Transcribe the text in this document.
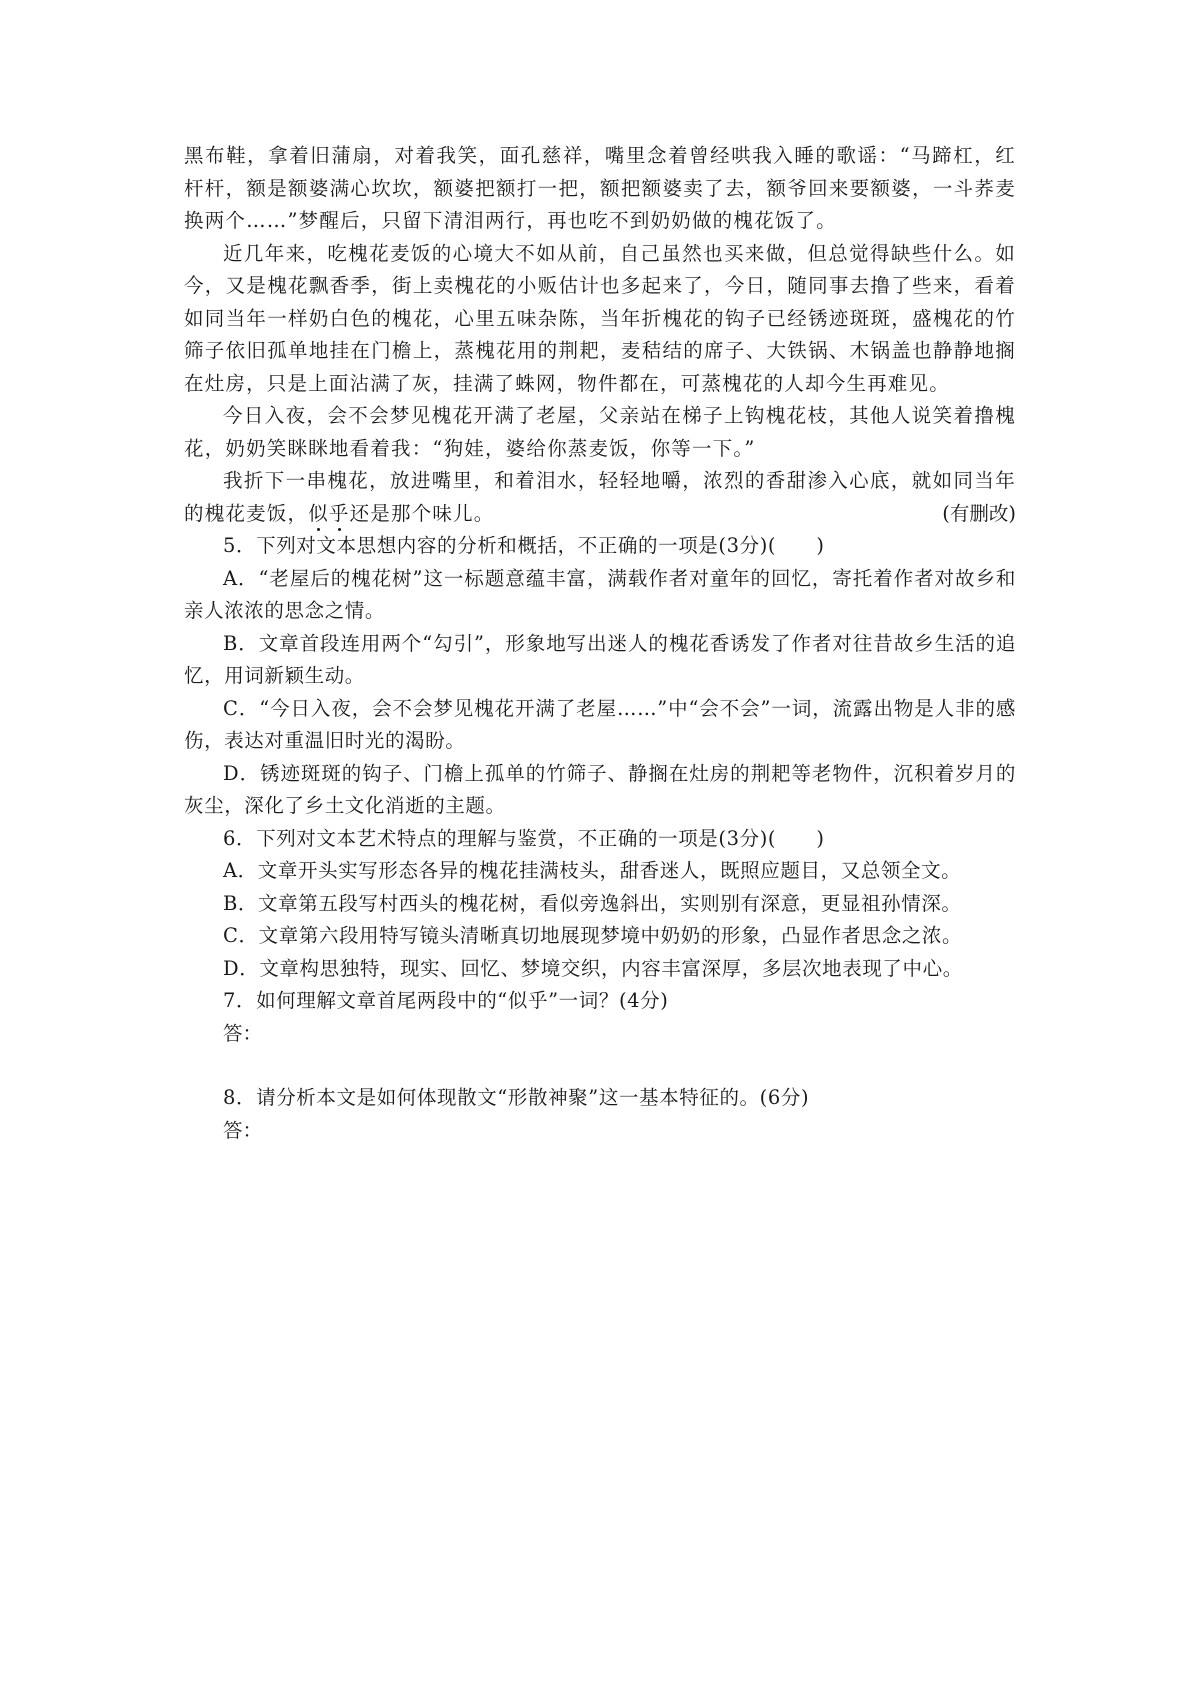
黑布鞋，拿着旧蒲扇，对着我笑，面孔慈祥，嘴里念着曾经哄我入睡的歌谣：“马蹄杠，红杆杆，额是额婆满心坎坎，额婆把额打一把，额把额婆卖了去，额爷回来要额婆，一斗荞麦换两个……”梦醒后，只留下清泪两行，再也吃不到奶奶做的槐花饭了。

近几年来，吃槐花麦饭的心境大不如从前，自己虽然也买来做，但总觉得缺些什么。如今，又是槐花飘香季，街上卖槐花的小贩估计也多起来了，今日，随同事去撸了些来，看着如同当年一样奶白色的槐花，心里五味杂陈，当年折槐花的钩子已经锈迹斑斑，盛槐花的竹筛子依旧孤单地挂在门檐上，蒸槐花用的荆耙，麦秸结的席子、大铁锅、木锅盖也静静地搁在灶房，只是上面沾满了灰，挂满了蛛网，物件都在，可蒸槐花的人却今生再难见。

今日入夜，会不会梦见槐花开满了老屋，父亲站在梯子上钩槐花枝，其他人说笑着撸槐花，奶奶笑眯眯地看着我：“狗娃，婆给你蒸麦饭，你等一下。”

我折下一串槐花，放进嘴里，和着泪水，轻轻地嚼，浓烈的香甜渗入心底，就如同当年的槐花麦饭，似乎还是那个味儿。	(有删改)

5．下列对文本思想内容的分析和概括，不正确的一项是(3分)(　　)

A．“老屋后的槐花树”这一标题意蕴丰富，满载作者对童年的回忆，寄托着作者对故乡和亲人浓浓的思念之情。

B．文章首段连用两个“勾引”，形象地写出迷人的槐花香诱发了作者对往昔故乡生活的追忆，用词新颖生动。

C．“今日入夜，会不会梦见槐花开满了老屋……”中“会不会”一词，流露出物是人非的感伤，表达对重温旧时光的渴盼。

D．锈迹斑斑的钩子、门檐上孤单的竹筛子、静搁在灶房的荆耙等老物件，沉积着岁月的灰尘，深化了乡土文化消逝的主题。

6．下列对文本艺术特点的理解与鉴赏，不正确的一项是(3分)(　　)

A．文章开头实写形态各异的槐花挂满枝头，甜香迷人，既照应题目，又总领全文。

B．文章第五段写村西头的槐花树，看似旁逸斜出，实则别有深意，更显祖孙情深。

C．文章第六段用特写镜头清晰真切地展现梦境中奶奶的形象，凸显作者思念之浓。

D．文章构思独特，现实、回忆、梦境交织，内容丰富深厚，多层次地表现了中心。

7．如何理解文章首尾两段中的“似乎”一词？(4分)

答：

8．请分析本文是如何体现散文“形散神聚”这一基本特征的。(6分)

答：
